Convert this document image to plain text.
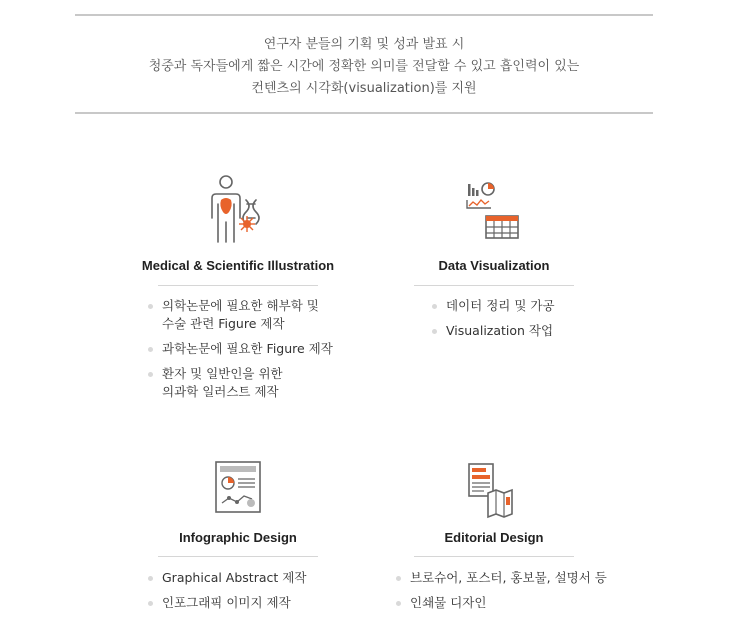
연구자 분들의 기획 및 성과 발표 시
청중과 독자들에게 짧은 시간에 정확한 의미를 전달할 수 있고 흡인력이 있는
컨텐츠의 시각화(visualization)를 지원
Medical & Scientific Illustration
의학논문에 필요한 해부학 및
수술 관련 Figure 제작
과학논문에 필요한 Figure 제작
환자 및 일반인을 위한
의과학 일러스트 제작
Data Visualization
데이터 정리 및 가공
Visualization 작업
Infographic Design
Graphical Abstract 제작
인포그래픽 이미지 제작
Editorial Design
브로슈어, 포스터, 홍보물, 설명서 등
인쇄물 디자인
